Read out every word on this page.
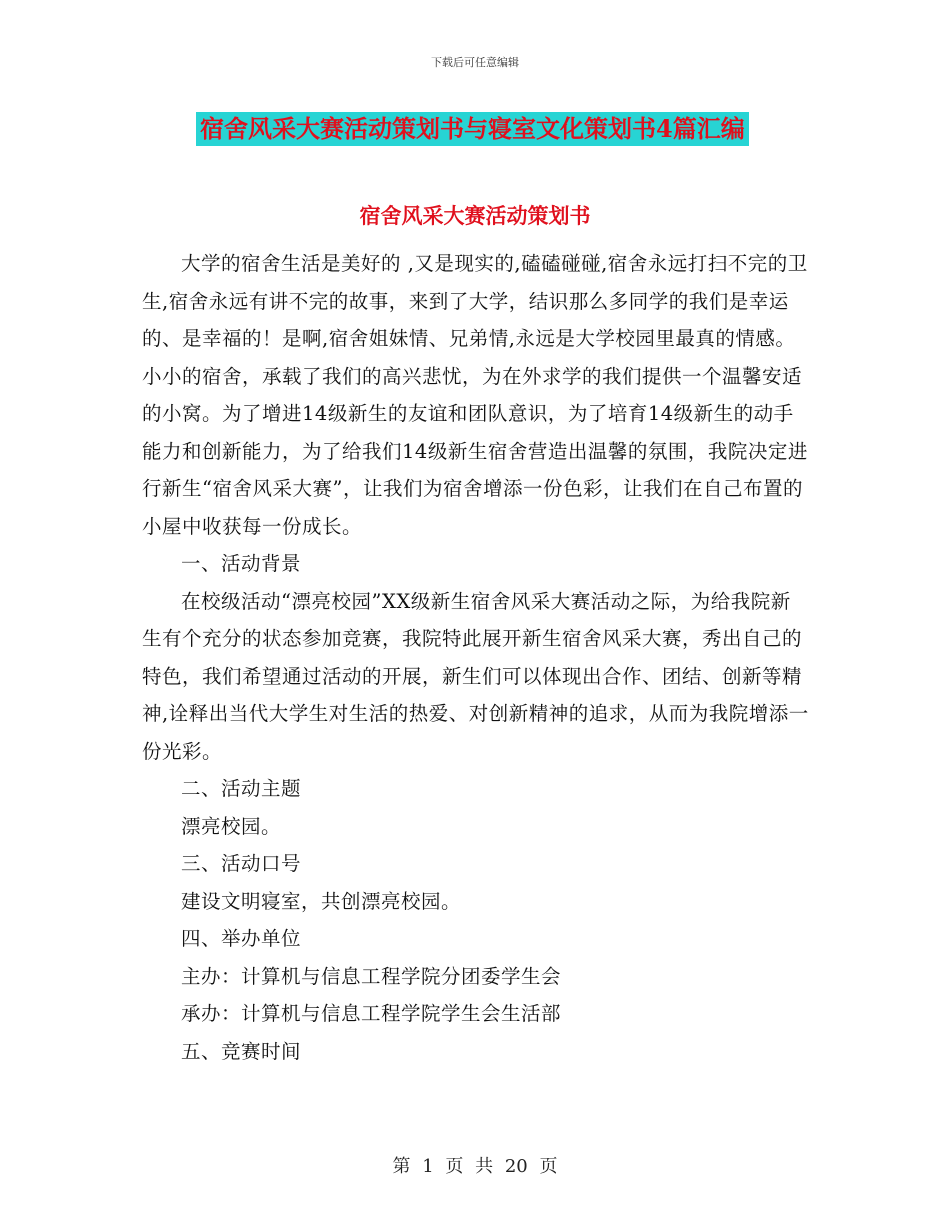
下载后可任意编辑
宿舍风采大赛活动策划书与寝室文化策划书4篇汇编
宿舍风采大赛活动策划书

大学的宿舍生活是美好的 ,又是现实的,磕磕碰碰,宿舍永远打扫不完的卫生,宿舍永远有讲不完的故事，来到了大学，结识那么多同学的我们是幸运的、是幸福的！是啊,宿舍姐妹情、兄弟情,永远是大学校园里最真的情感。小小的宿舍，承载了我们的高兴悲忧，为在外求学的我们提供一个温馨安适的小窝。为了增进14级新生的友谊和团队意识，为了培育14级新生的动手能力和创新能力，为了给我们14级新生宿舍营造出温馨的氛围，我院决定进行新生“宿舍风采大赛”，让我们为宿舍增添一份色彩，让我们在自己布置的小屋中收获每一份成长。

一、活动背景

在校级活动“漂亮校园”XX级新生宿舍风采大赛活动之际，为给我院新生有个充分的状态参加竞赛，我院特此展开新生宿舍风采大赛，秀出自己的特色，我们希望通过活动的开展，新生们可以体现出合作、团结、创新等精神,诠释出当代大学生对生活的热爱、对创新精神的追求，从而为我院增添一份光彩。

二、活动主题

漂亮校园。

三、活动口号

建设文明寝室，共创漂亮校园。

四、举办单位

主办：计算机与信息工程学院分团委学生会

承办：计算机与信息工程学院学生会生活部

五、竞赛时间

第 1 页 共 20 页
